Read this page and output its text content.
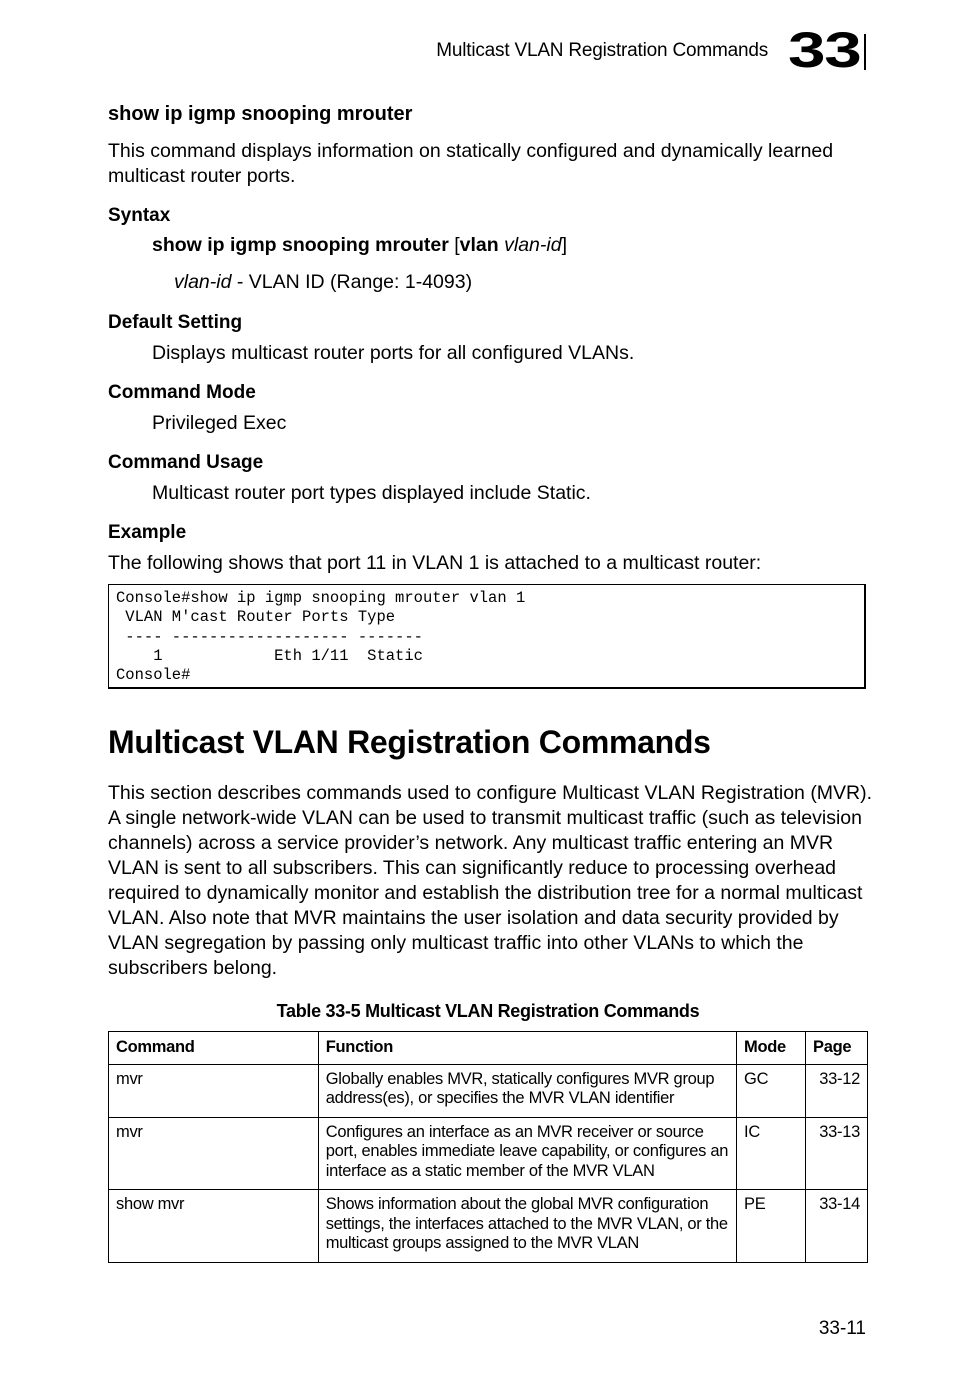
Multicast VLAN Registration Commands 33
show ip igmp snooping mrouter
This command displays information on statically configured and dynamically learned multicast router ports.
Syntax
show ip igmp snooping mrouter [vlan vlan-id]
vlan-id - VLAN ID (Range: 1-4093)
Default Setting
Displays multicast router ports for all configured VLANs.
Command Mode
Privileged Exec
Command Usage
Multicast router port types displayed include Static.
Example
The following shows that port 11 in VLAN 1 is attached to a multicast router:
Console#show ip igmp snooping mrouter vlan 1
VLAN M'cast Router Ports Type
---- ------------------- -------
1            Eth 1/11  Static
Console#
Multicast VLAN Registration Commands
This section describes commands used to configure Multicast VLAN Registration (MVR). A single network-wide VLAN can be used to transmit multicast traffic (such as television channels) across a service provider’s network. Any multicast traffic entering an MVR VLAN is sent to all subscribers. This can significantly reduce to processing overhead required to dynamically monitor and establish the distribution tree for a normal multicast VLAN. Also note that MVR maintains the user isolation and data security provided by VLAN segregation by passing only multicast traffic into other VLANs to which the subscribers belong.
Table 33-5 Multicast VLAN Registration Commands
Command	Function	Mode	Page
mvr	Globally enables MVR, statically configures MVR group address(es), or specifies the MVR VLAN identifier	GC	33-12
mvr	Configures an interface as an MVR receiver or source port, enables immediate leave capability, or configures an interface as a static member of the MVR VLAN	IC	33-13
show mvr	Shows information about the global MVR configuration settings, the interfaces attached to the MVR VLAN, or the multicast groups assigned to the MVR VLAN	PE	33-14
33-11
